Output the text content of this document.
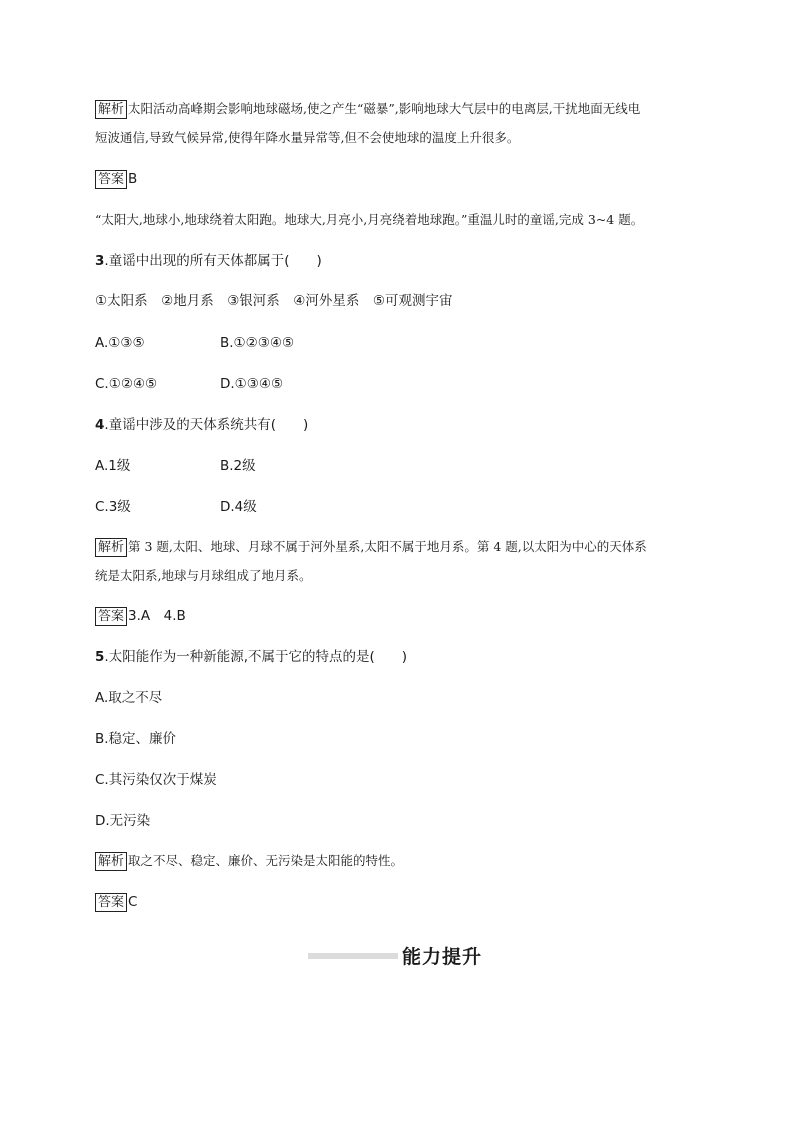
解析 太阳活动高峰期会影响地球磁场,使之产生“磁暴”,影响地球大气层中的电离层,干扰地面无线电
短波通信,导致气候异常,使得年降水量异常等,但不会使地球的温度上升很多。
答案 B
“太阳大,地球小,地球绕着太阳跑。地球大,月亮小,月亮绕着地球跑。”重温儿时的童谣,完成 3~4 题。
3.童谣中出现的所有天体都属于(　　)
①太阳系　②地月系　③银河系　④河外星系　⑤可观测宇宙
A.①③⑤	B.①②③④⑤
C.①②④⑤	D.①③④⑤
4.童谣中涉及的天体系统共有(　　)
A.1级	B.2级
C.3级	D.4级
解析 第 3 题,太阳、地球、月球不属于河外星系,太阳不属于地月系。第 4 题,以太阳为中心的天体系
统是太阳系,地球与月球组成了地月系。
答案 3.A　4.B
5.太阳能作为一种新能源,不属于它的特点的是(　　)
A.取之不尽
B.稳定、廉价
C.其污染仅次于煤炭
D.无污染
解析 取之不尽、稳定、廉价、无污染是太阳能的特性。
答案 C
能力提升
